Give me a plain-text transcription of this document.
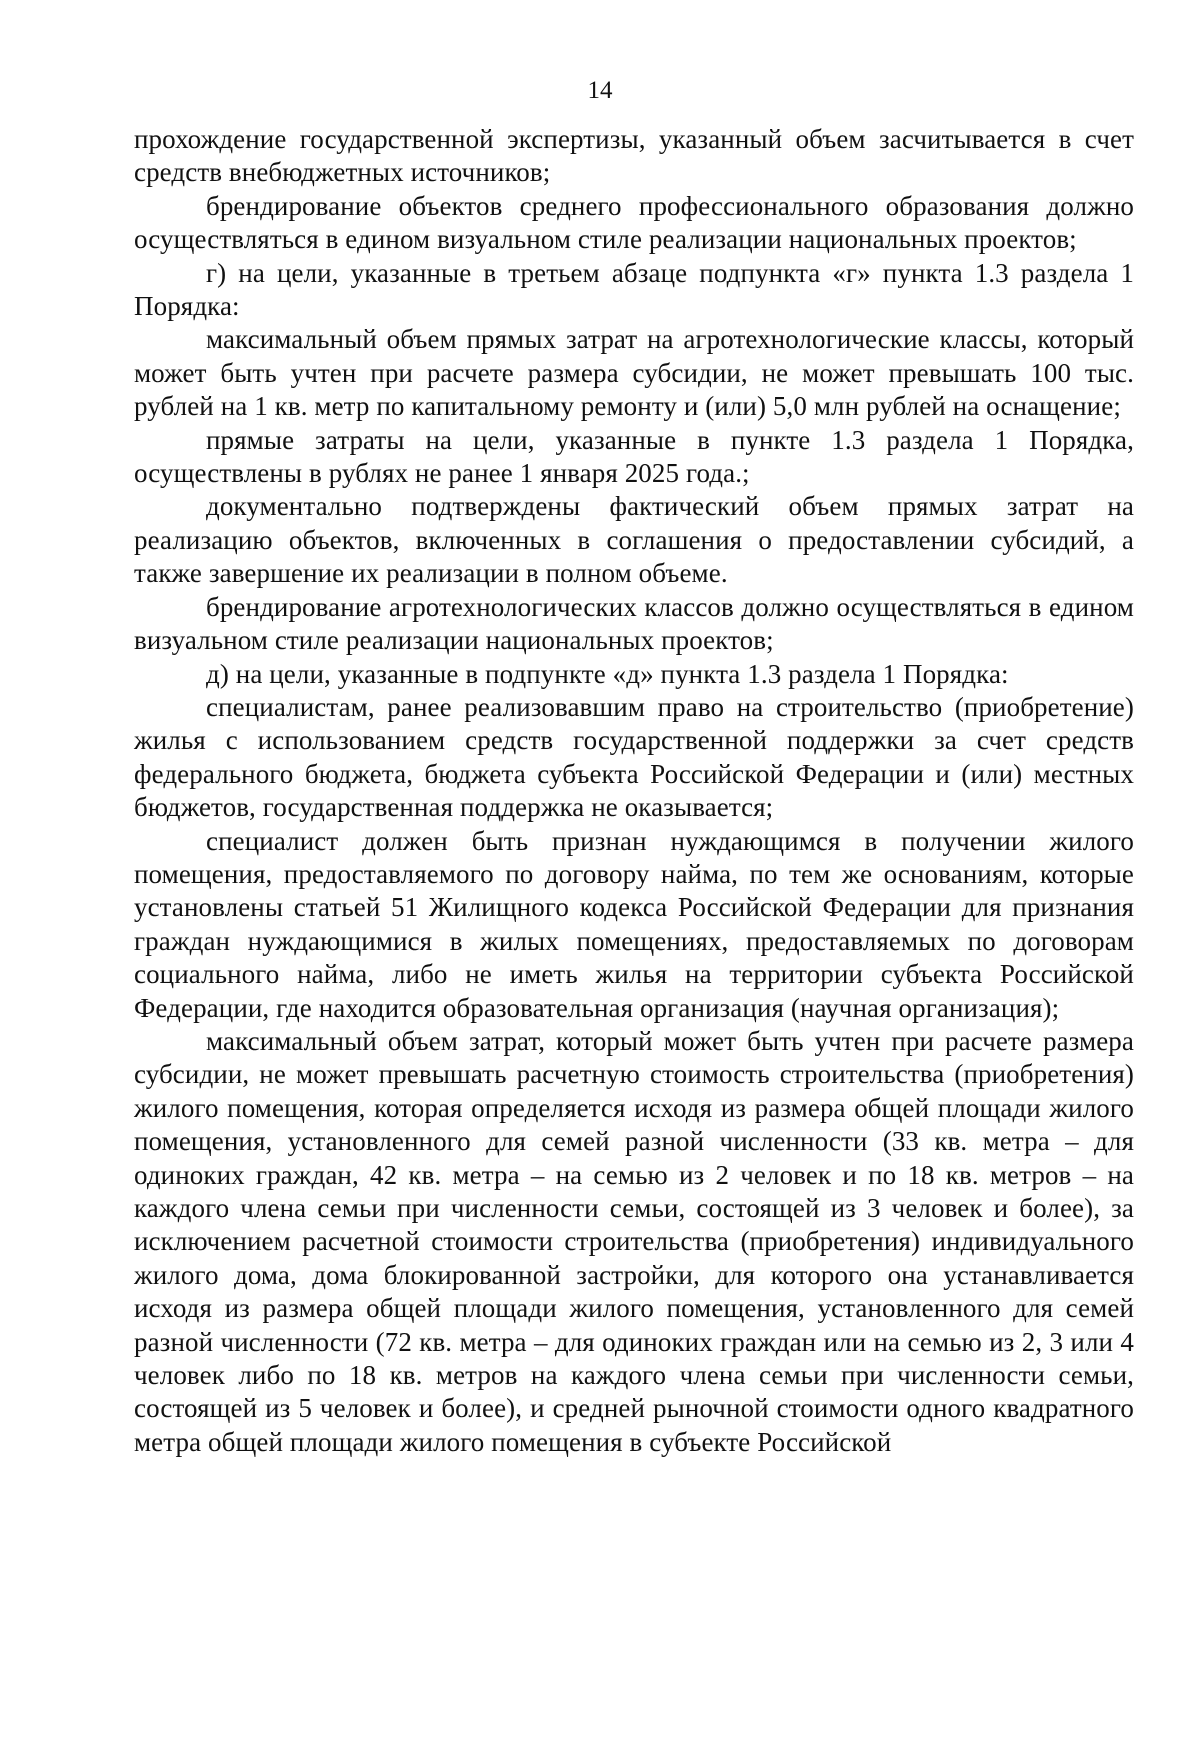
14

прохождение государственной экспертизы, указанный объем засчитывается в счет средств внебюджетных источников;

брендирование объектов среднего профессионального образования должно осуществляться в едином визуальном стиле реализации национальных проектов;

г) на цели, указанные в третьем абзаце подпункта «г» пункта 1.3 раздела 1 Порядка:

максимальный объем прямых затрат на агротехнологические классы, который может быть учтен при расчете размера субсидии, не может превышать 100 тыс. рублей на 1 кв. метр по капитальному ремонту и (или) 5,0 млн рублей на оснащение;

прямые затраты на цели, указанные в пункте 1.3 раздела 1 Порядка, осуществлены в рублях не ранее 1 января 2025 года.;

документально подтверждены фактический объем прямых затрат на реализацию объектов, включенных в соглашения о предоставлении субсидий, а также завершение их реализации в полном объеме.

брендирование агротехнологических классов должно осуществляться в едином визуальном стиле реализации национальных проектов;

д) на цели, указанные в подпункте «д» пункта 1.3 раздела 1 Порядка:

специалистам, ранее реализовавшим право на строительство (приобретение) жилья с использованием средств государственной поддержки за счет средств федерального бюджета, бюджета субъекта Российской Федерации и (или) местных бюджетов, государственная поддержка не оказывается;

специалист должен быть признан нуждающимся в получении жилого помещения, предоставляемого по договору найма, по тем же основаниям, которые установлены статьей 51 Жилищного кодекса Российской Федерации для признания граждан нуждающимися в жилых помещениях, предоставляемых по договорам социального найма, либо не иметь жилья на территории субъекта Российской Федерации, где находится образовательная организация (научная организация);

максимальный объем затрат, который может быть учтен при расчете размера субсидии, не может превышать расчетную стоимость строительства (приобретения) жилого помещения, которая определяется исходя из размера общей площади жилого помещения, установленного для семей разной численности (33 кв. метра – для одиноких граждан, 42 кв. метра – на семью из 2 человек и по 18 кв. метров – на каждого члена семьи при численности семьи, состоящей из 3 человек и более), за исключением расчетной стоимости строительства (приобретения) индивидуального жилого дома, дома блокированной застройки, для которого она устанавливается исходя из размера общей площади жилого помещения, установленного для семей разной численности (72 кв. метра – для одиноких граждан или на семью из 2, 3 или 4 человек либо по 18 кв. метров на каждого члена семьи при численности семьи, состоящей из 5 человек и более), и средней рыночной стоимости одного квадратного метра общей площади жилого помещения в субъекте Российской
